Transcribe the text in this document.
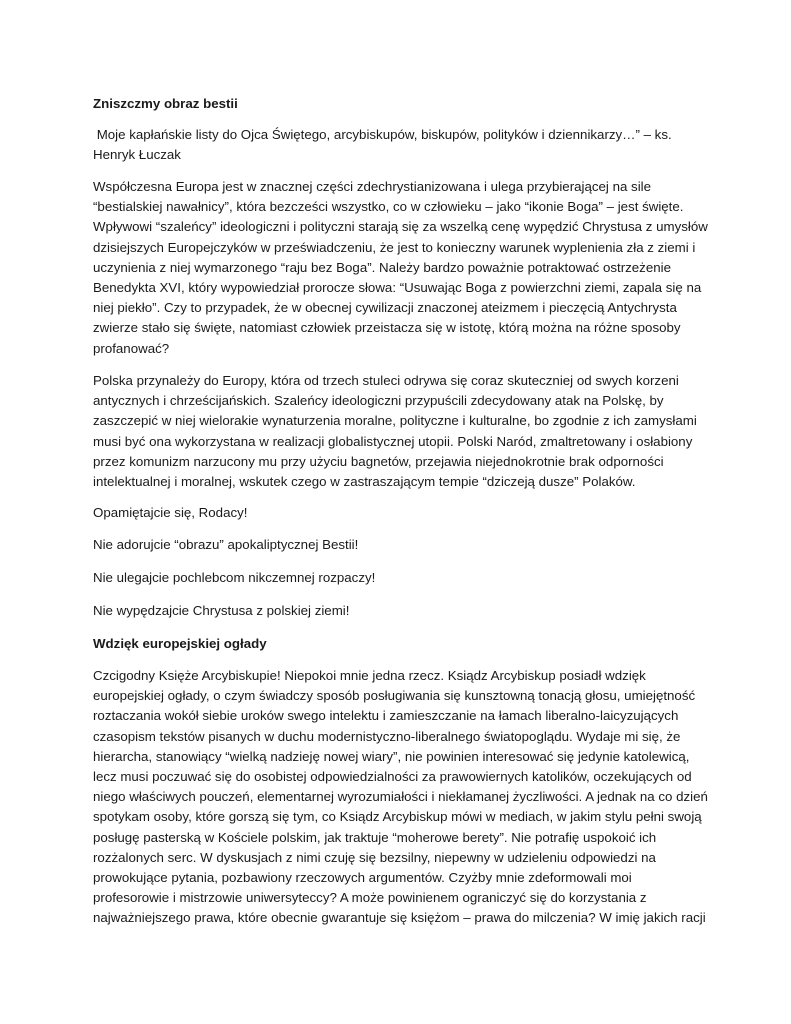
Zniszczmy obraz bestii

Moje kapłańskie listy do Ojca Świętego, arcybiskupów, biskupów, polityków i dziennikarzy…” – ks.
Henryk Łuczak

Współczesna Europa jest w znacznej części zdechrystianizowana i ulega przybierającej na sile
“bestialskiej nawałnicy”, która bezcześci wszystko, co w człowieku – jako “ikonie Boga” – jest święte.
Wpływowi “szaleńcy” ideologiczni i polityczni starają się za wszelką cenę wypędzić Chrystusa z umysłów
dzisiejszych Europejczyków w przeświadczeniu, że jest to konieczny warunek wyplenienia zła z ziemi i
uczynienia z niej wymarzonego “raju bez Boga”. Należy bardzo poważnie potraktować ostrzeżenie
Benedykta XVI, który wypowiedział prorocze słowa: “Usuwając Boga z powierzchni ziemi, zapala się na
niej piekło”. Czy to przypadek, że w obecnej cywilizacji znaczonej ateizmem i pieczęcią Antychrysta
zwierze stało się święte, natomiast człowiek przeistacza się w istotę, którą można na różne sposoby
profanować?

Polska przynależy do Europy, która od trzech stuleci odrywa się coraz skuteczniej od swych korzeni
antycznych i chrześcijańskich. Szaleńcy ideologiczni przypuścili zdecydowany atak na Polskę, by
zaszczepić w niej wielorakie wynaturzenia moralne, polityczne i kulturalne, bo zgodnie z ich zamysłami
musi być ona wykorzystana w realizacji globalistycznej utopii. Polski Naród, zmaltretowany i osłabiony
przez komunizm narzucony mu przy użyciu bagnetów, przejawia niejednokrotnie brak odporności
intelektualnej i moralnej, wskutek czego w zastraszającym tempie “dziczeją dusze” Polaków.

Opamiętajcie się, Rodacy!

Nie adorujcie “obrazu” apokaliptycznej Bestii!

Nie ulegajcie pochlebcom nikczemnej rozpaczy!

Nie wypędzajcie Chrystusa z polskiej ziemi!

Wdzięk europejskiej ogłady

Czcigodny Księże Arcybiskupie! Niepokoi mnie jedna rzecz. Ksiądz Arcybiskup posiadł wdzięk
europejskiej ogłady, o czym świadczy sposób posługiwania się kunsztowną tonacją głosu, umiejętność
roztaczania wokół siebie uroków swego intelektu i zamieszczanie na łamach liberalno-laicyzujących
czasopism tekstów pisanych w duchu modernistyczno-liberalnego światopoglądu. Wydaje mi się, że
hierarcha, stanowiący “wielką nadzieję nowej wiary”, nie powinien interesować się jedynie katolewicą,
lecz musi poczuwać się do osobistej odpowiedzialności za prawowiernych katolików, oczekujących od
niego właściwych pouczeń, elementarnej wyrozumiałości i niekłamanej życzliwości. A jednak na co dzień
spotykam osoby, które gorszą się tym, co Ksiądz Arcybiskup mówi w mediach, w jakim stylu pełni swoją
posługę pasterską w Kościele polskim, jak traktuje “moherowe berety”. Nie potrafię uspokoić ich
rozżalonych serc. W dyskusjach z nimi czuję się bezsilny, niepewny w udzieleniu odpowiedzi na
prowokujące pytania, pozbawiony rzeczowych argumentów. Czyżby mnie zdeformowali moi
profesorowie i mistrzowie uniwersyteccy? A może powinienem ograniczyć się do korzystania z
najważniejszego prawa, które obecnie gwarantuje się księżom – prawa do milczenia? W imię jakich racji
